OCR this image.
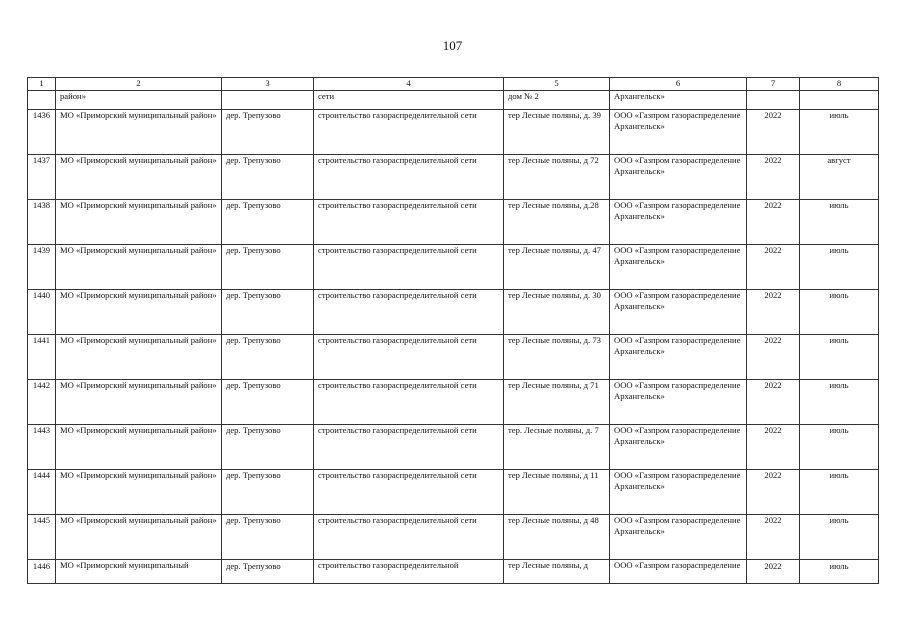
107
1	2	3	4	5	6	7	8
	район»		сети	дом № 2	Архангельск»		
1436	МО «Приморский муниципальный район»	дер. Трепузово	строительство газораспределительной сети	тер Лесные поляны, д. 39	ООО «Газпром газораспределение Архангельск»	2022	июль
1437	МО «Приморский муниципальный район»	дер. Трепузово	строительство газораспределительной сети	тер Лесные поляны, д 72	ООО «Газпром газораспределение Архангельск»	2022	август
1438	МО «Приморский муниципальный район»	дер. Трепузово	строительство газораспределительной сети	тер Лесные поляны, д.28	ООО «Газпром газораспределение Архангельск»	2022	июль
1439	МО «Приморский муниципальный район»	дер. Трепузово	строительство газораспределительной сети	тер Лесные поляны, д. 47	ООО «Газпром газораспределение Архангельск»	2022	июль
1440	МО «Приморский муниципальный район»	дер. Трепузово	строительство газораспределительной сети	тер Лесные поляны, д. 30	ООО «Газпром газораспределение Архангельск»	2022	июль
1441	МО «Приморский муниципальный район»	дер. Трепузово	строительство газораспределительной сети	тер Лесные поляны, д. 73	ООО «Газпром газораспределение Архангельск»	2022	июль
1442	МО «Приморский муниципальный район»	дер. Трепузово	строительство газораспределительной сети	тер Лесные поляны, д 71	ООО «Газпром газораспределение Архангельск»	2022	июль
1443	МО «Приморский муниципальный район»	дер. Трепузово	строительство газораспределительной сети	тер. Лесные поляны, д. 7	ООО «Газпром газораспределение Архангельск»	2022	июль
1444	МО «Приморский муниципальный район»	дер. Трепузово	строительство газораспределительной сети	тер Лесные поляны, д 11	ООО «Газпром газораспределение Архангельск»	2022	июль
1445	МО «Приморский муниципальный район»	дер. Трепузово	строительство газораспределительной сети	тер Лесные поляны, д 48	ООО «Газпром газораспределение Архангельск»	2022	июль
1446	МО «Приморский муниципальный	дер. Трепузово	строительство газораспределительной	тер Лесные поляны, д	ООО «Газпром газораспределение	2022	июль
